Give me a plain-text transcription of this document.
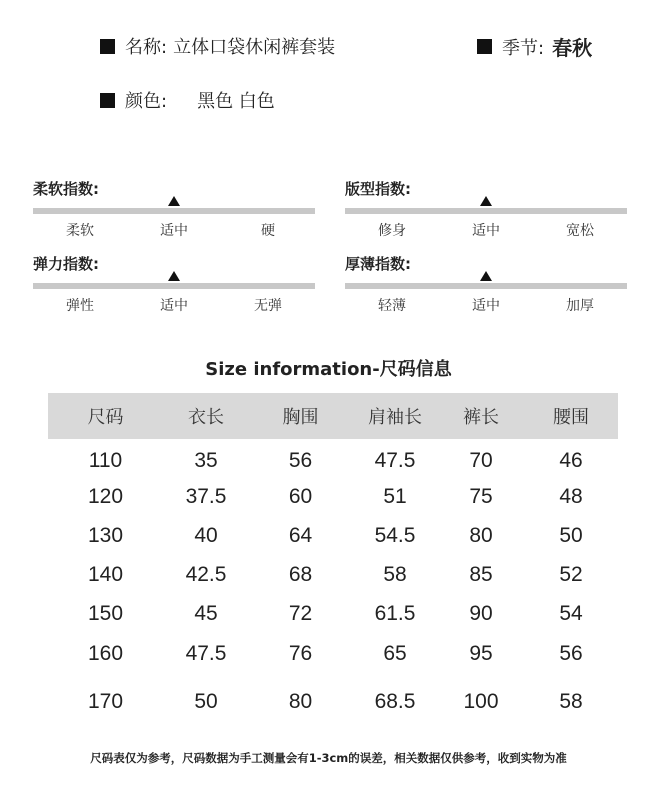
名称: 立体口袋休闲裤套装	季节: 春秋
颜色: 黑色 白色
柔软指数:
柔软	适中	硬
版型指数:
修身	适中	宽松
弹力指数:
弹性	适中	无弹
厚薄指数:
轻薄	适中	加厚
Size information-尺码信息
尺码	衣长	胸围	肩袖长	裤长	腰围
110	35	56	47.5	70	46
120	37.5	60	51	75	48
130	40	64	54.5	80	50
140	42.5	68	58	85	52
150	45	72	61.5	90	54
160	47.5	76	65	95	56
170	50	80	68.5	100	58
尺码表仅为参考，尺码数据为手工测量会有1-3cm的误差，相关数据仅供参考，收到实物为准
